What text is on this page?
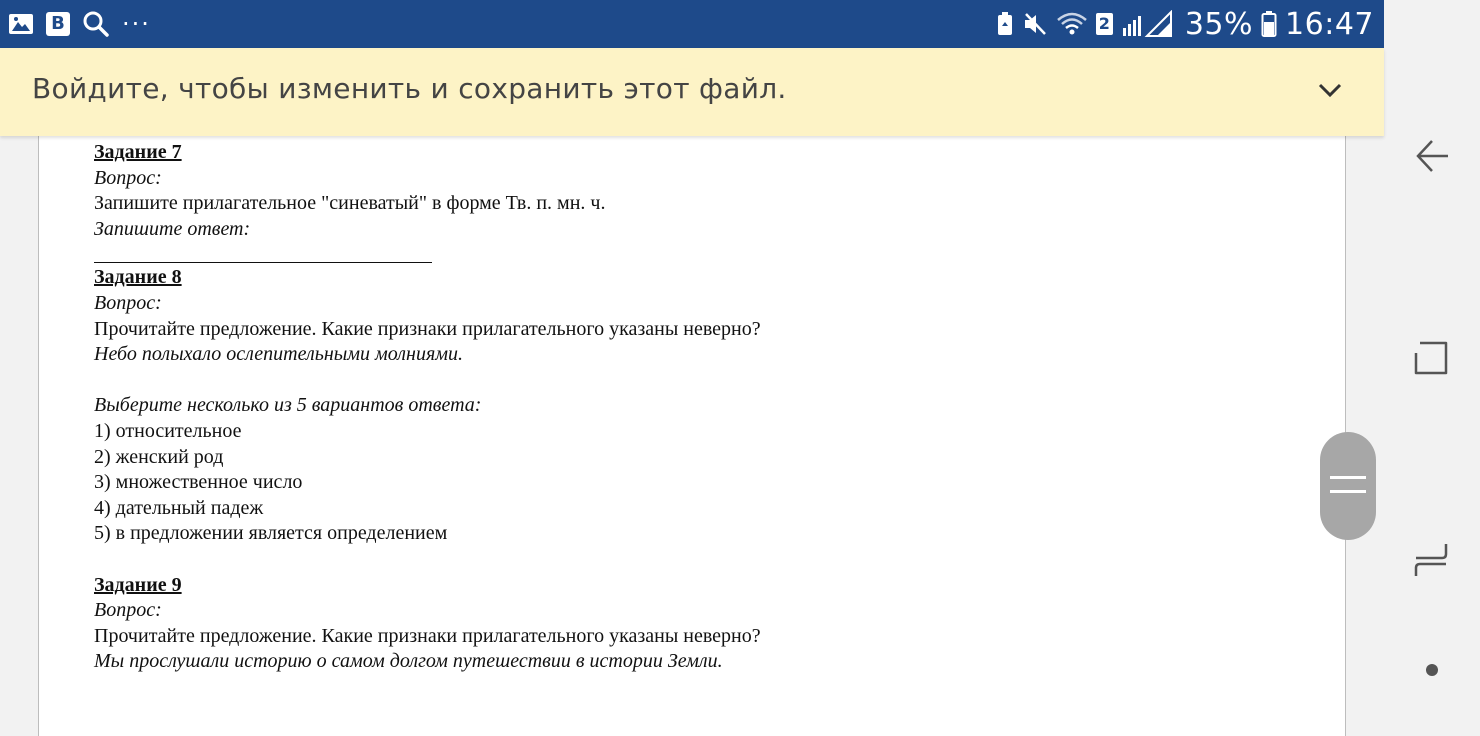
В ···	2	35% 16:47
Войдите, чтобы изменить и сохранить этот файл.
Задание 7
Вопрос:
Запишите прилагательное "синеватый" в форме Тв. п. мн. ч.
Запишите ответ:
Задание 8
Вопрос:
Прочитайте предложение. Какие признаки прилагательного указаны неверно?
Небо полыхало ослепительными молниями.
Выберите несколько из 5 вариантов ответа:
1) относительное
2) женский род
3) множественное число
4) дательный падеж
5) в предложении является определением
Задание 9
Вопрос:
Прочитайте предложение. Какие признаки прилагательного указаны неверно?
Мы прослушали историю о самом долгом путешествии в истории Земли.
